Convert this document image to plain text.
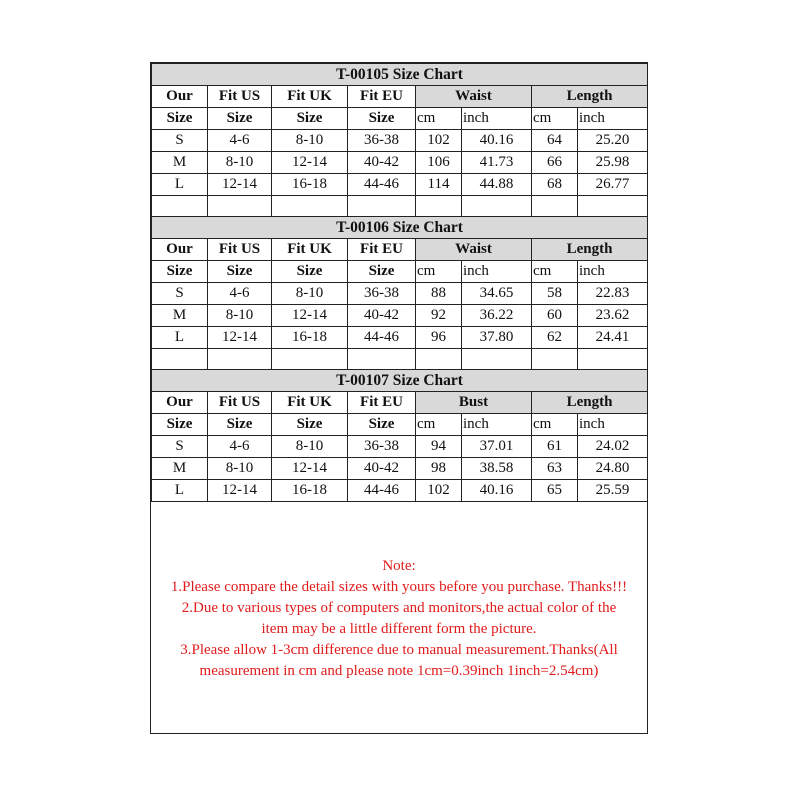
T-00105 Size Chart							
Our	Fit US	Fit UK	Fit EU	Waist		Length	
Size	Size	Size	Size	cm	inch	cm	inch
S	4-6	8-10	36-38	102	40.16	64	25.20
M	8-10	12-14	40-42	106	41.73	66	25.98
L	12-14	16-18	44-46	114	44.88	68	26.77

T-00106 Size Chart							
Our	Fit US	Fit UK	Fit EU	Waist		Length	
Size	Size	Size	Size	cm	inch	cm	inch
S	4-6	8-10	36-38	88	34.65	58	22.83
M	8-10	12-14	40-42	92	36.22	60	23.62
L	12-14	16-18	44-46	96	37.80	62	24.41

T-00107 Size Chart							
Our	Fit US	Fit UK	Fit EU	Bust		Length	
Size	Size	Size	Size	cm	inch	cm	inch
S	4-6	8-10	36-38	94	37.01	61	24.02
M	8-10	12-14	40-42	98	38.58	63	24.80
L	12-14	16-18	44-46	102	40.16	65	25.59
Note:
1.Please compare the detail sizes with yours before you purchase. Thanks!!!
2.Due to various types of computers and monitors,the actual color of the
item may be a little different form the picture.
3.Please allow 1-3cm difference due to manual measurement.Thanks(All
measurement in cm and please note 1cm=0.39inch 1inch=2.54cm)
